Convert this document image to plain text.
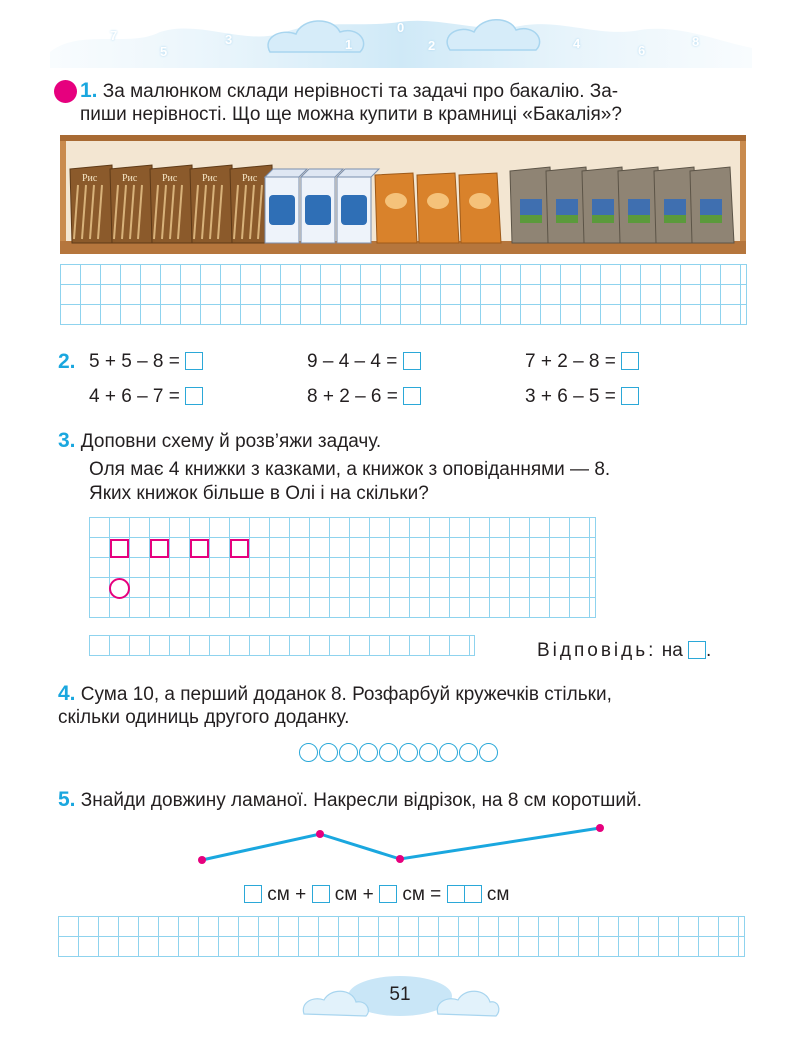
7
5
3	1
0
2	4	6
8
1. За малюнком склади нерівності та задачі про бакалію. За-
пиши нерівності. Що ще можна купити в крамниці «Бакалія»?
Рис Рис Рис Рис Рис
2. 5 + 5 – 8 =	9 – 4 – 4 =	7 + 2 – 8 =
4 + 6 – 7 =	8 + 2 – 6 =	3 + 6 – 5 =
3. Доповни схему й розв’яжи задачу.
Оля має 4 книжки з казками, а книжок з оповіданнями — 8.
Яких книжок більше в Олі і на скільки?
Відповідь: на .
4. Сума 10, а перший доданок 8. Розфарбуй кружечків стільки,
скільки одиниць другого доданку.
5. Знайди довжину ламаної. Накресли відрізок, на 8 см коротший.
см + см + см = см
51
